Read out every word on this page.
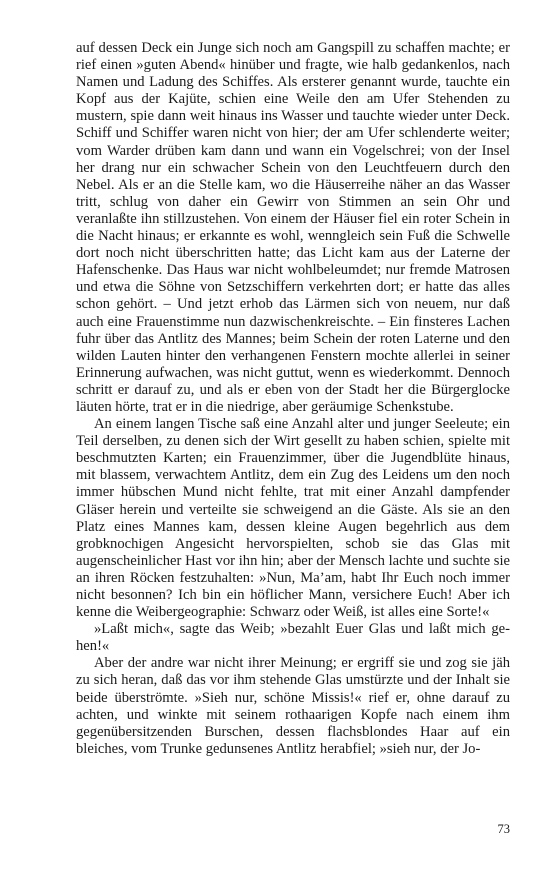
auf dessen Deck ein Junge sich noch am Gangspill zu schaffen machte; er rief einen »guten Abend« hinüber und fragte, wie halb gedankenlos, nach Namen und Ladung des Schiffes. Als ersterer genannt wurde, tauchte ein Kopf aus der Kajüte, schien eine Weile den am Ufer Stehenden zu mustern, spie dann weit hinaus ins Wasser und tauchte wieder unter Deck. Schiff und Schiffer waren nicht von hier; der am Ufer schlenderte weiter; vom Warder drüben kam dann und wann ein Vogelschrei; von der Insel her drang nur ein schwacher Schein von den Leuchtfeuern durch den Nebel. Als er an die Stelle kam, wo die Häuserreihe näher an das Wasser tritt, schlug von daher ein Gewirr von Stimmen an sein Ohr und veranlaßte ihn stillzustehen. Von einem der Häuser fiel ein roter Schein in die Nacht hinaus; er erkannte es wohl, wenngleich sein Fuß die Schwelle dort noch nicht überschritten hatte; das Licht kam aus der Laterne der Hafenschenke. Das Haus war nicht wohlbeleumdet; nur fremde Matrosen und etwa die Söhne von Setzschiffern verkehrten dort; er hatte das alles schon gehört. – Und jetzt erhob das Lärmen sich von neuem, nur daß auch eine Frauenstimme nun dazwischenkreischte. – Ein finsteres Lachen fuhr über das Antlitz des Mannes; beim Schein der roten Laterne und den wilden Lauten hinter den verhangenen Fenstern mochte allerlei in seiner Erinnerung aufwachen, was nicht guttut, wenn es wiederkommt. Dennoch schritt er darauf zu, und als er eben von der Stadt her die Bürgerglocke läuten hörte, trat er in die niedrige, aber geräumige Schenkstube.

An einem langen Tische saß eine Anzahl alter und junger Seeleute; ein Teil derselben, zu denen sich der Wirt gesellt zu haben schien, spielte mit beschmutzten Karten; ein Frauenzimmer, über die Jugendblüte hinaus, mit blassem, verwachtem Antlitz, dem ein Zug des Leidens um den noch immer hübschen Mund nicht fehlte, trat mit einer Anzahl dampfender Gläser herein und verteilte sie schweigend an die Gäste. Als sie an den Platz eines Mannes kam, dessen kleine Augen begehrlich aus dem grobknochigen Angesicht hervorspielten, schob sie das Glas mit augenscheinlicher Hast vor ihn hin; aber der Mensch lachte und suchte sie an ihren Röcken festzuhalten: »Nun, Ma’am, habt Ihr Euch noch immer nicht besonnen? Ich bin ein höflicher Mann, versichere Euch! Aber ich kenne die Weibergeographie: Schwarz oder Weiß, ist alles eine Sorte!«

»Laßt mich«, sagte das Weib; »bezahlt Euer Glas und laßt mich gehen!«

Aber der andre war nicht ihrer Meinung; er ergriff sie und zog sie jäh zu sich heran, daß das vor ihm stehende Glas umstürzte und der Inhalt sie beide überströmte. »Sieh nur, schöne Missis!« rief er, ohne darauf zu achten, und winkte mit seinem rothaarigen Kopfe nach einem ihm gegenübersitzenden Burschen, dessen flachsblondes Haar auf ein bleiches, vom Trunke gedunsenes Antlitz herabfiel; »sieh nur, der Jo-

73
